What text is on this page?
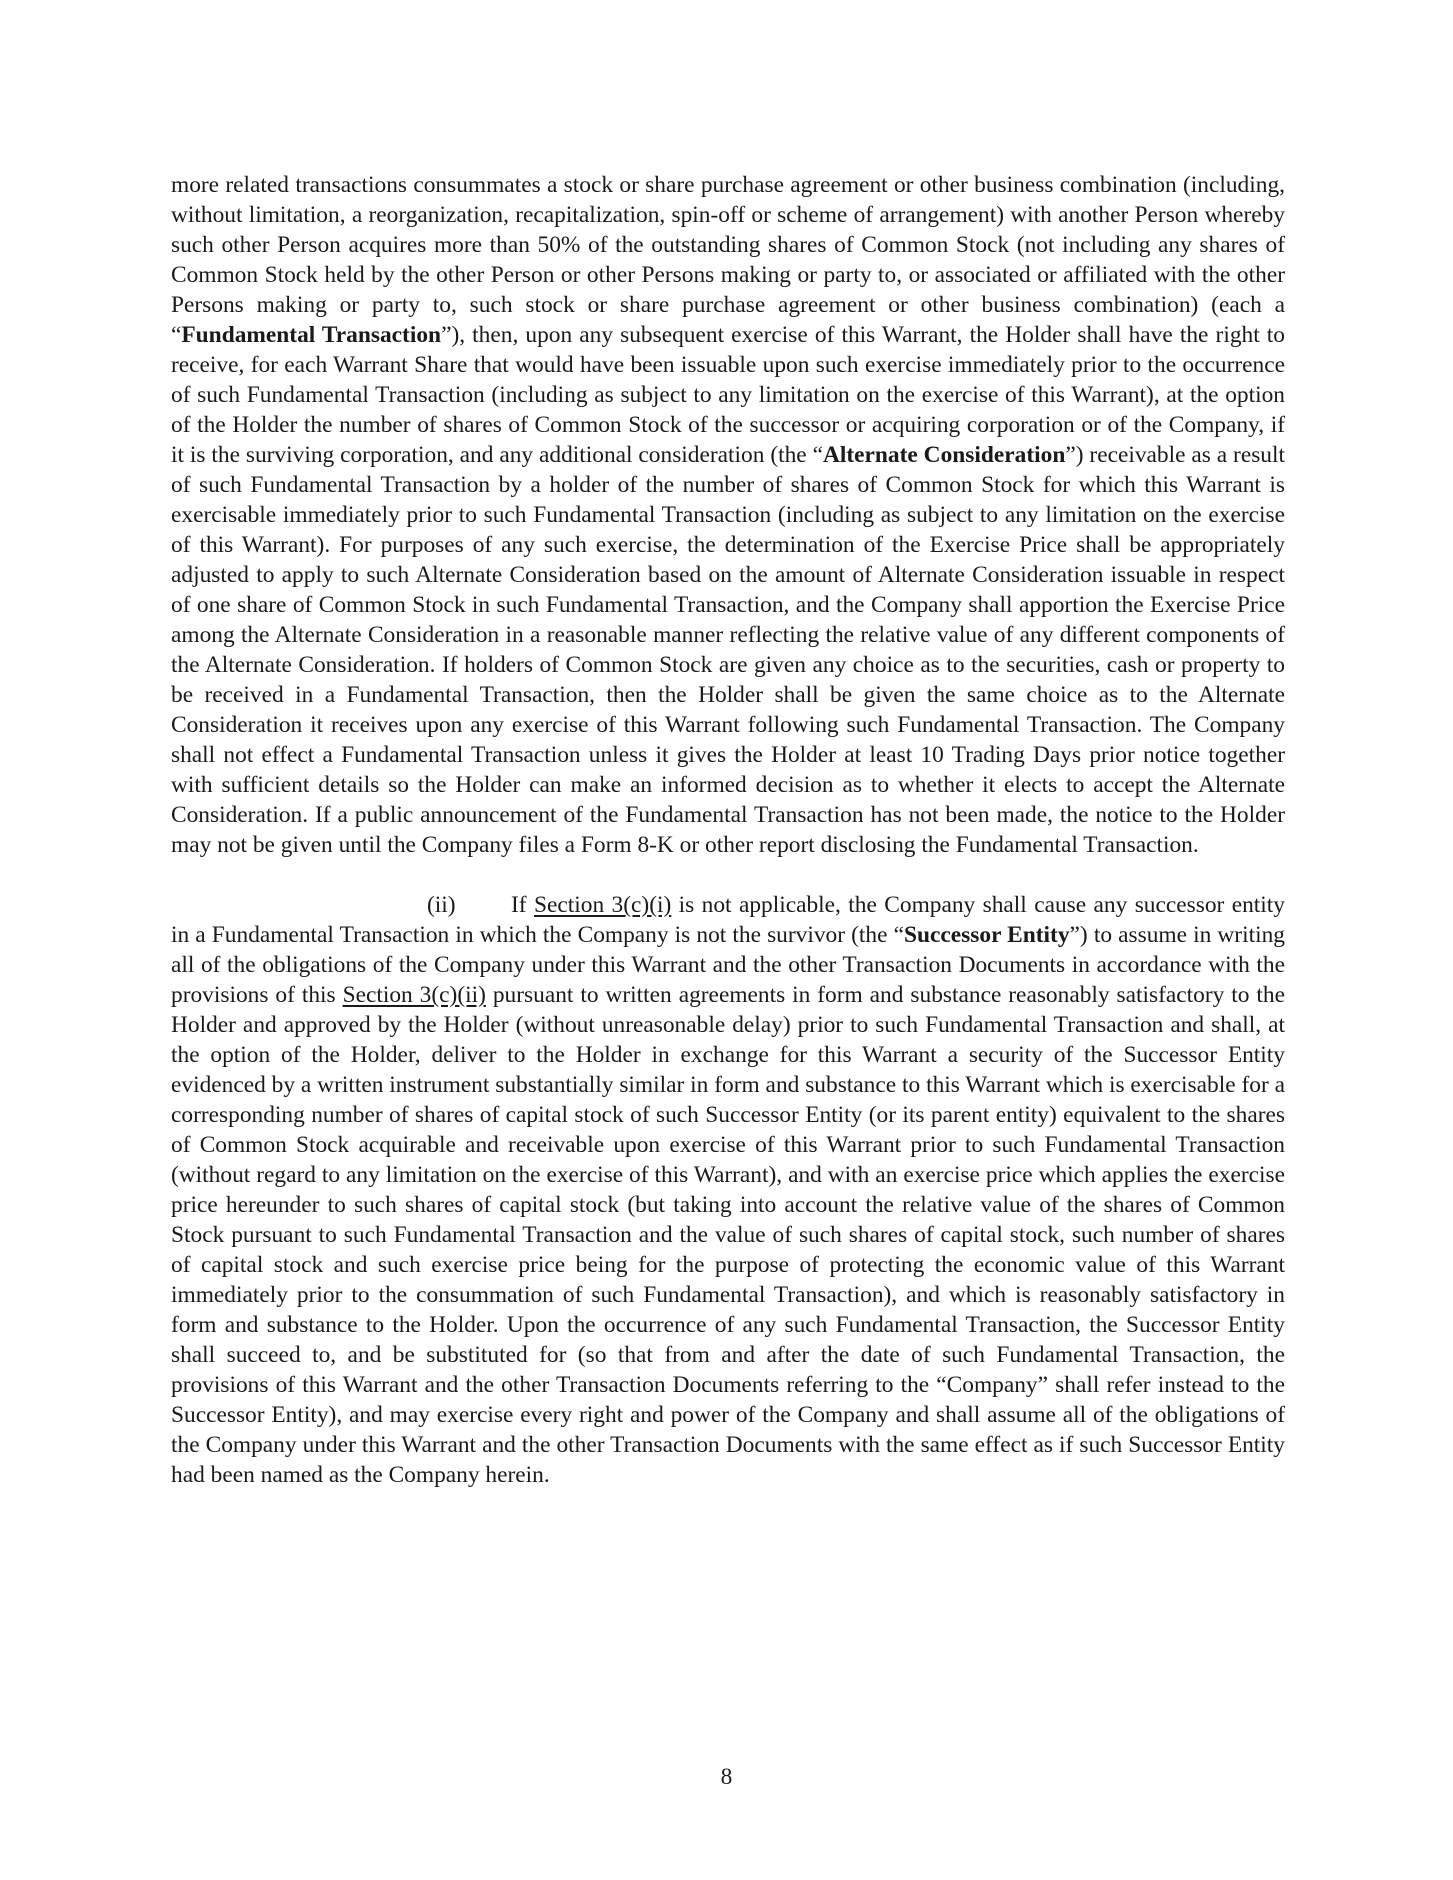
more related transactions consummates a stock or share purchase agreement or other business combination (including, without limitation, a reorganization, recapitalization, spin-off or scheme of arrangement) with another Person whereby such other Person acquires more than 50% of the outstanding shares of Common Stock (not including any shares of Common Stock held by the other Person or other Persons making or party to, or associated or affiliated with the other Persons making or party to, such stock or share purchase agreement or other business combination) (each a “Fundamental Transaction”), then, upon any subsequent exercise of this Warrant, the Holder shall have the right to receive, for each Warrant Share that would have been issuable upon such exercise immediately prior to the occurrence of such Fundamental Transaction (including as subject to any limitation on the exercise of this Warrant), at the option of the Holder the number of shares of Common Stock of the successor or acquiring corporation or of the Company, if it is the surviving corporation, and any additional consideration (the “Alternate Consideration”) receivable as a result of such Fundamental Transaction by a holder of the number of shares of Common Stock for which this Warrant is exercisable immediately prior to such Fundamental Transaction (including as subject to any limitation on the exercise of this Warrant). For purposes of any such exercise, the determination of the Exercise Price shall be appropriately adjusted to apply to such Alternate Consideration based on the amount of Alternate Consideration issuable in respect of one share of Common Stock in such Fundamental Transaction, and the Company shall apportion the Exercise Price among the Alternate Consideration in a reasonable manner reflecting the relative value of any different components of the Alternate Consideration. If holders of Common Stock are given any choice as to the securities, cash or property to be received in a Fundamental Transaction, then the Holder shall be given the same choice as to the Alternate Consideration it receives upon any exercise of this Warrant following such Fundamental Transaction. The Company shall not effect a Fundamental Transaction unless it gives the Holder at least 10 Trading Days prior notice together with sufficient details so the Holder can make an informed decision as to whether it elects to accept the Alternate Consideration. If a public announcement of the Fundamental Transaction has not been made, the notice to the Holder may not be given until the Company files a Form 8-K or other report disclosing the Fundamental Transaction.

(ii) If Section 3(c)(i) is not applicable, the Company shall cause any successor entity in a Fundamental Transaction in which the Company is not the survivor (the “Successor Entity”) to assume in writing all of the obligations of the Company under this Warrant and the other Transaction Documents in accordance with the provisions of this Section 3(c)(ii) pursuant to written agreements in form and substance reasonably satisfactory to the Holder and approved by the Holder (without unreasonable delay) prior to such Fundamental Transaction and shall, at the option of the Holder, deliver to the Holder in exchange for this Warrant a security of the Successor Entity evidenced by a written instrument substantially similar in form and substance to this Warrant which is exercisable for a corresponding number of shares of capital stock of such Successor Entity (or its parent entity) equivalent to the shares of Common Stock acquirable and receivable upon exercise of this Warrant prior to such Fundamental Transaction (without regard to any limitation on the exercise of this Warrant), and with an exercise price which applies the exercise price hereunder to such shares of capital stock (but taking into account the relative value of the shares of Common Stock pursuant to such Fundamental Transaction and the value of such shares of capital stock, such number of shares of capital stock and such exercise price being for the purpose of protecting the economic value of this Warrant immediately prior to the consummation of such Fundamental Transaction), and which is reasonably satisfactory in form and substance to the Holder. Upon the occurrence of any such Fundamental Transaction, the Successor Entity shall succeed to, and be substituted for (so that from and after the date of such Fundamental Transaction, the provisions of this Warrant and the other Transaction Documents referring to the “Company” shall refer instead to the Successor Entity), and may exercise every right and power of the Company and shall assume all of the obligations of the Company under this Warrant and the other Transaction Documents with the same effect as if such Successor Entity had been named as the Company herein.

8
